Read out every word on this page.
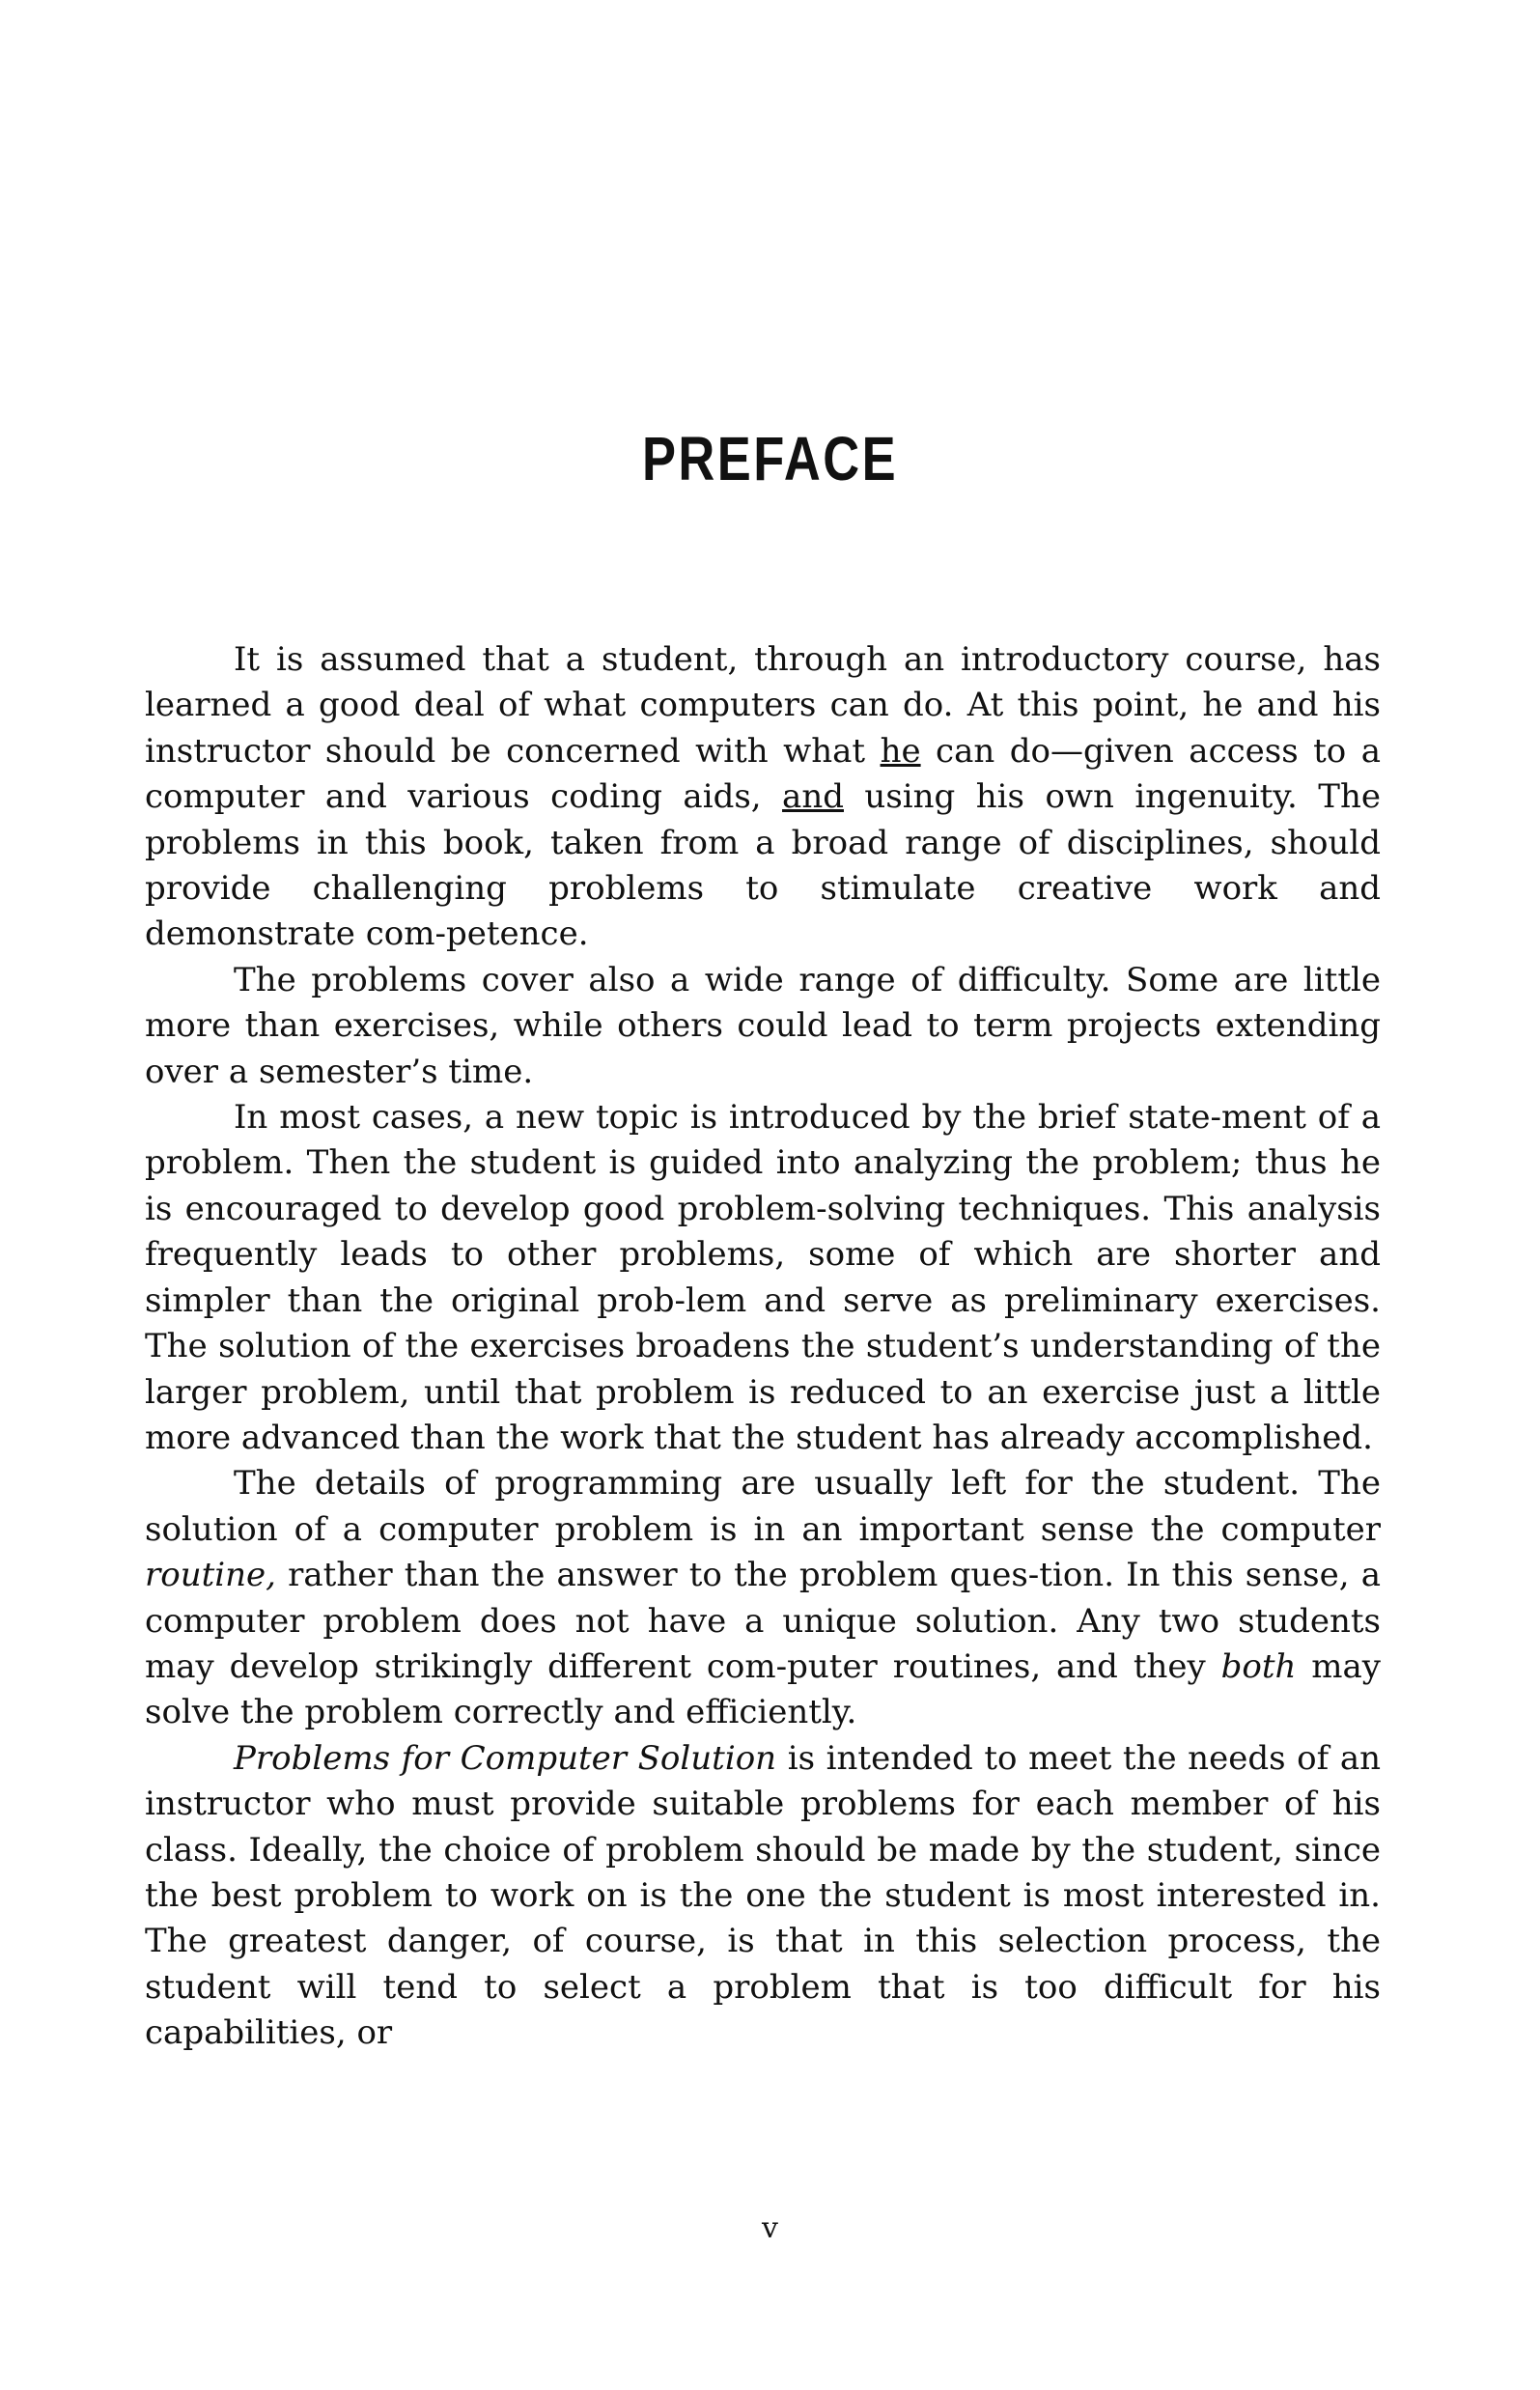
PREFACE

It is assumed that a student, through an introductory course, has learned a good deal of what computers can do. At this point, he and his instructor should be concerned with what he can do—given access to a computer and various coding aids, and using his own ingenuity. The problems in this book, taken from a broad range of disciplines, should provide challenging problems to stimulate creative work and demonstrate com-petence.

The problems cover also a wide range of difficulty. Some are little more than exercises, while others could lead to term projects extending over a semester’s time.

In most cases, a new topic is introduced by the brief state-ment of a problem. Then the student is guided into analyzing the problem; thus he is encouraged to develop good problem-solving techniques. This analysis frequently leads to other problems, some of which are shorter and simpler than the original prob-lem and serve as preliminary exercises. The solution of the exercises broadens the student’s understanding of the larger problem, until that problem is reduced to an exercise just a little more advanced than the work that the student has already accomplished.

The details of programming are usually left for the student. The solution of a computer problem is in an important sense the computer routine, rather than the answer to the problem ques-tion. In this sense, a computer problem does not have a unique solution. Any two students may develop strikingly different com-puter routines, and they both may solve the problem correctly and efficiently.

Problems for Computer Solution is intended to meet the needs of an instructor who must provide suitable problems for each member of his class. Ideally, the choice of problem should be made by the student, since the best problem to work on is the one the student is most interested in. The greatest danger, of course, is that in this selection process, the student will tend to select a problem that is too difficult for his capabilities, or

v
